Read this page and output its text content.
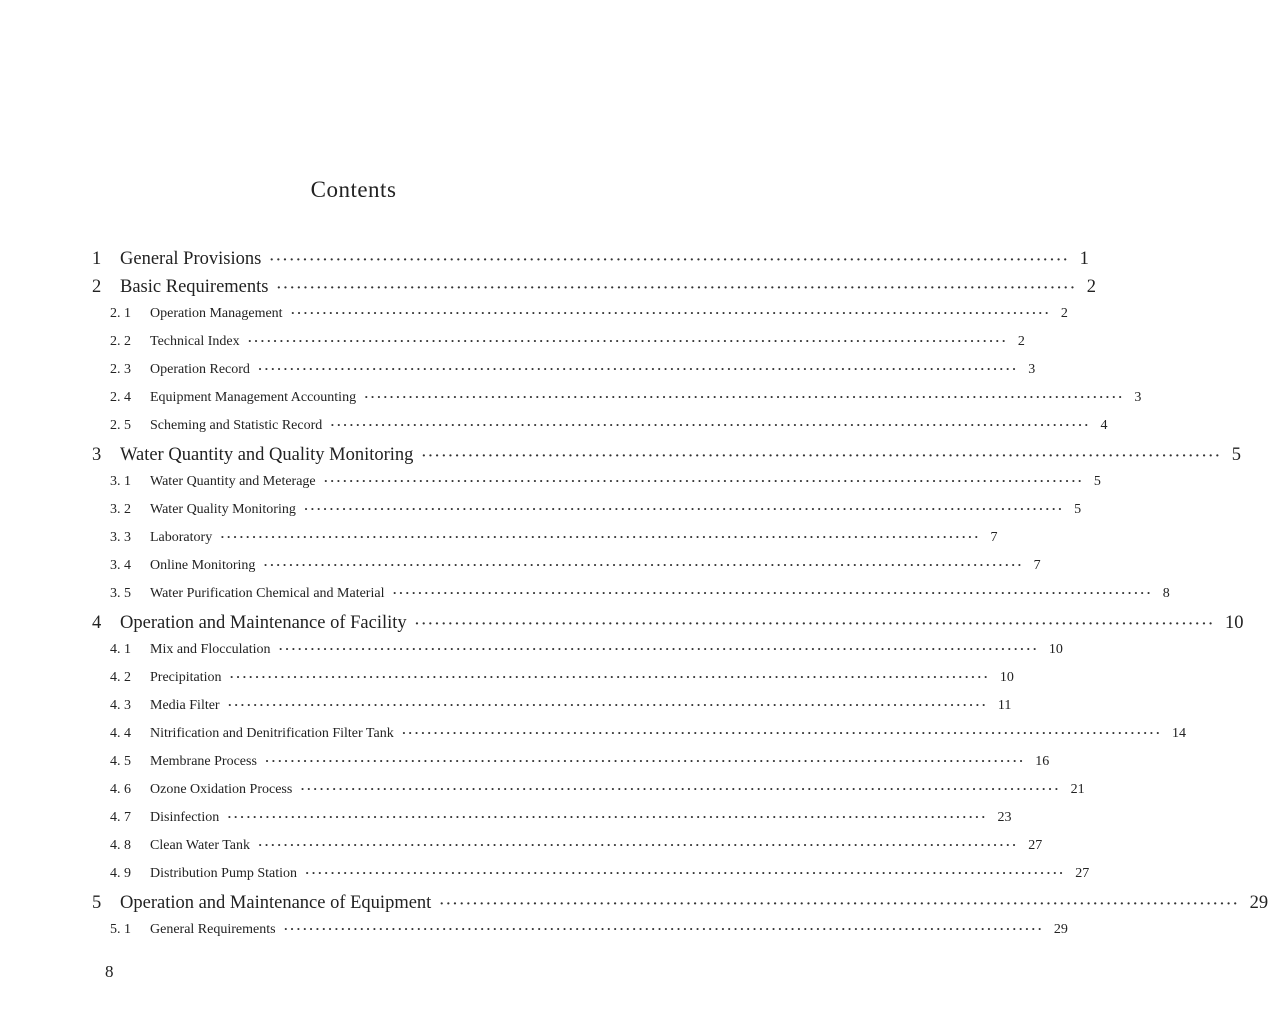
Contents
1	General Provisions ························································································································ 1
2	Basic Requirements ························································································································ 2
2. 1	Operation Management ························································································································ 2
2. 2	Technical Index ························································································································ 2
2. 3	Operation Record ························································································································ 3
2. 4	Equipment Management Accounting ························································································································ 3
2. 5	Scheming and Statistic Record ························································································································ 4
3	Water Quantity and Quality Monitoring ························································································································ 5
3. 1	Water Quantity and Meterage ························································································································ 5
3. 2	Water Quality Monitoring ························································································································ 5
3. 3	Laboratory ························································································································ 7
3. 4	Online Monitoring ························································································································ 7
3. 5	Water Purification Chemical and Material ························································································································ 8
4	Operation and Maintenance of Facility ························································································································ 10
4. 1	Mix and Flocculation ························································································································ 10
4. 2	Precipitation ························································································································ 10
4. 3	Media Filter ························································································································ 11
4. 4	Nitrification and Denitrification Filter Tank ························································································································ 14
4. 5	Membrane Process ························································································································ 16
4. 6	Ozone Oxidation Process ························································································································ 21
4. 7	Disinfection ························································································································ 23
4. 8	Clean Water Tank ························································································································ 27
4. 9	Distribution Pump Station ························································································································ 27
5	Operation and Maintenance of Equipment ························································································································ 29
5. 1	General Requirements ························································································································ 29
8
